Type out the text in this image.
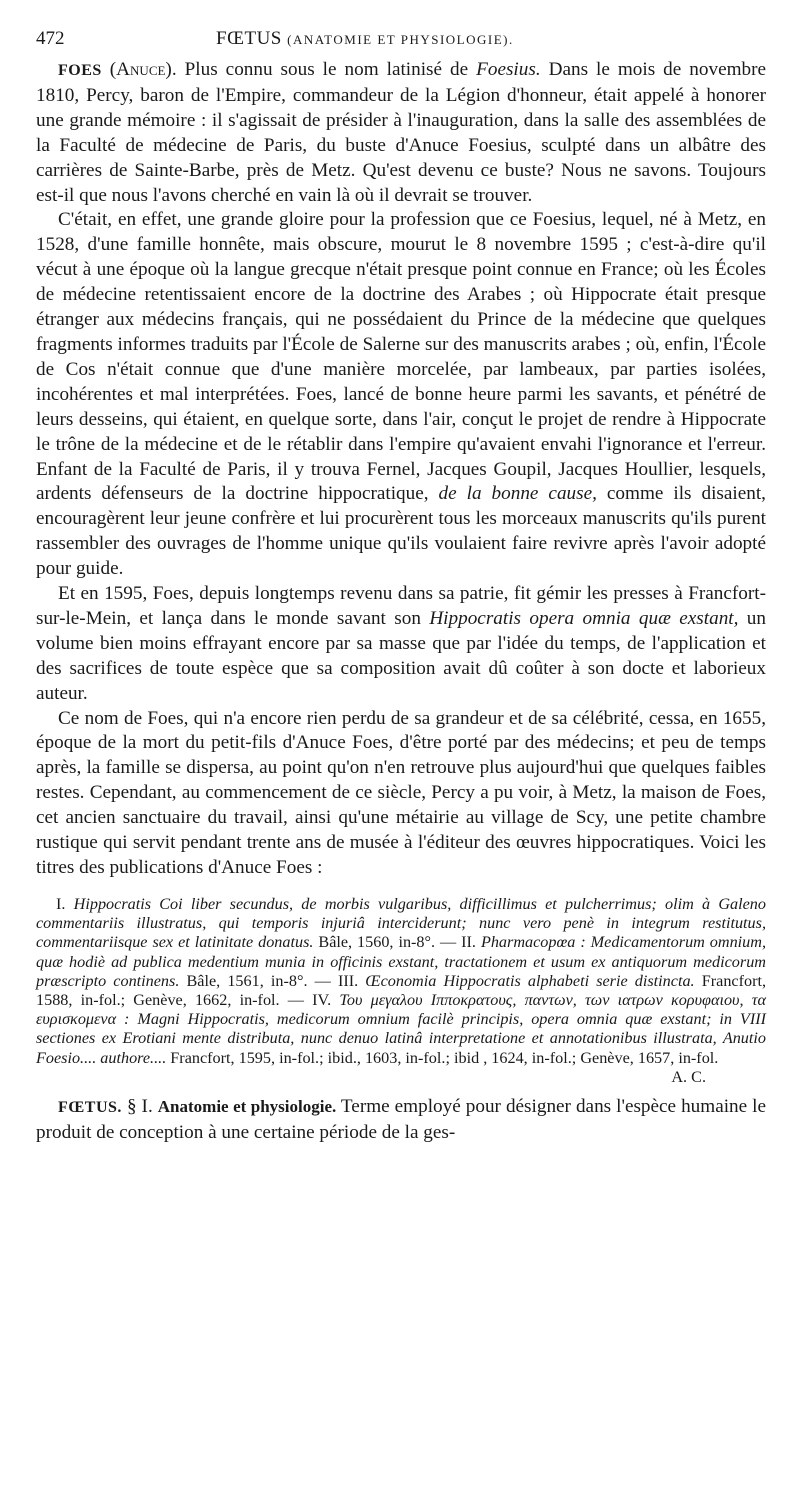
472	FŒTUS (ANATOMIE ET PHYSIOLOGIE).

FOES (Anuce). Plus connu sous le nom latinisé de Foesius. Dans le mois de novembre 1810, Percy, baron de l'Empire, commandeur de la Légion d'honneur, était appelé à honorer une grande mémoire : il s'agissait de présider à l'inauguration, dans la salle des assemblées de la Faculté de médecine de Paris, du buste d'Anuce Foesius, sculpté dans un albâtre des carrières de Sainte-Barbe, près de Metz. Qu'est devenu ce buste? Nous ne savons. Toujours est-il que nous l'avons cherché en vain là où il devrait se trouver.

C'était, en effet, une grande gloire pour la profession que ce Foesius, lequel, né à Metz, en 1528, d'une famille honnête, mais obscure, mourut le 8 novembre 1595 ; c'est-à-dire qu'il vécut à une époque où la langue grecque n'était presque point connue en France; où les Écoles de médecine retentissaient encore de la doctrine des Arabes ; où Hippocrate était presque étranger aux médecins français, qui ne possédaient du Prince de la médecine que quelques fragments informes traduits par l'École de Salerne sur des manuscrits arabes ; où, enfin, l'École de Cos n'était connue que d'une manière morcelée, par lambeaux, par parties isolées, incohérentes et mal interprétées. Foes, lancé de bonne heure parmi les savants, et pénétré de leurs desseins, qui étaient, en quelque sorte, dans l'air, conçut le projet de rendre à Hippocrate le trône de la médecine et de le rétablir dans l'empire qu'avaient envahi l'ignorance et l'erreur. Enfant de la Faculté de Paris, il y trouva Fernel, Jacques Goupil, Jacques Houllier, lesquels, ardents défenseurs de la doctrine hippocratique, de la bonne cause, comme ils disaient, encouragèrent leur jeune confrère et lui procurèrent tous les morceaux manuscrits qu'ils purent rassembler des ouvrages de l'homme unique qu'ils voulaient faire revivre après l'avoir adopté pour guide.

Et en 1595, Foes, depuis longtemps revenu dans sa patrie, fit gémir les presses à Francfort-sur-le-Mein, et lança dans le monde savant son Hippocratis opera omnia quæ exstant, un volume bien moins effrayant encore par sa masse que par l'idée du temps, de l'application et des sacrifices de toute espèce que sa composition avait dû coûter à son docte et laborieux auteur.

Ce nom de Foes, qui n'a encore rien perdu de sa grandeur et de sa célébrité, cessa, en 1655, époque de la mort du petit-fils d'Anuce Foes, d'être porté par des médecins; et peu de temps après, la famille se dispersa, au point qu'on n'en retrouve plus aujourd'hui que quelques faibles restes. Cependant, au commencement de ce siècle, Percy a pu voir, à Metz, la maison de Foes, cet ancien sanctuaire du travail, ainsi qu'une métairie au village de Scy, une petite chambre rustique qui servit pendant trente ans de musée à l'éditeur des œuvres hippocratiques. Voici les titres des publications d'Anuce Foes :

I. Hippocratis Coi liber secundus, de morbis vulgaribus, difficillimus et pulcherrimus; olim à Galeno commentariis illustratus, qui temporis injuriâ interciderunt; nunc vero penè in integrum restitutus, commentariisque sex et latinitate donatus. Bâle, 1560, in-8°. — II. Pharmacopœa : Medicamentorum omnium, quæ hodiè ad publica medentium munia in officinis exstant, tractationem et usum ex antiquorum medicorum præscripto continens. Bâle, 1561, in-8°. — III. Œconomia Hippocratis alphabeti serie distincta. Francfort, 1588, in-fol.; Genève, 1662, in-fol. — IV. Του μεγαλου Ιπποκρατους, παντων, των ιατρων κορυφαιου, τα ευρισκομενα : Magni Hippocratis, medicorum omnium facilè principis, opera omnia quæ exstant; in VIII sectiones ex Erotiani mente distributa, nunc denuo latinâ interpretatione et annotationibus illustrata, Anutio Foesio.... authore.... Francfort, 1595, in-fol.; ibid., 1603, in-fol.; ibid , 1624, in-fol.; Genève, 1657, in-fol.
A. C.

FŒTUS. § I. Anatomie et physiologie. Terme employé pour désigner dans l'espèce humaine le produit de conception à une certaine période de la ges-
